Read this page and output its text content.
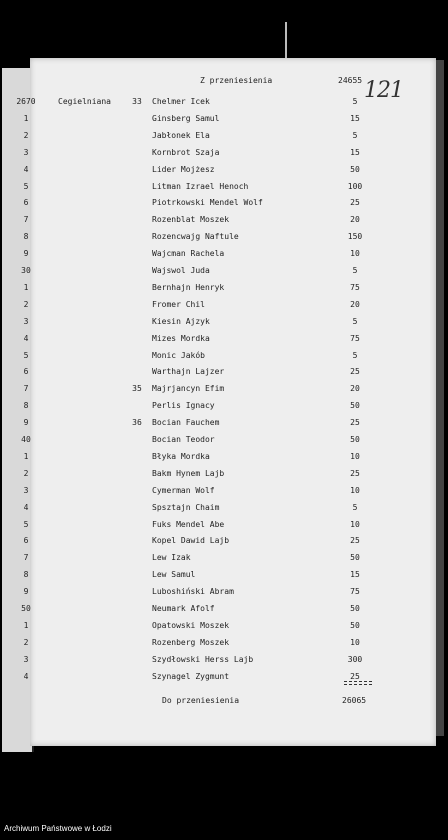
Z przeniesienia	24655 121
2670	Cegielniana	33	Chelmer Icek	5
1	Ginsberg Samul	15
2	Jabłonek Ela	5
3	Kornbrot Szaja	15
4	Lider Mojżesz	50
5	Litman Izrael Henoch	100
6	Piotrkowski Mendel Wolf	25
7	Rozenblat Moszek	20
8	Rozencwajg Naftule	150
9	Wajcman Rachela	10
30	Wajswol Juda	5
1	Bernhajn Henryk	75
2	Fromer Chil	20
3	Kiesin Ajzyk	5
4	Mizes Mordka	75
5	Monic Jakób	5
6	Warthajn Lajzer	25
7	35	Majrjancyn Efim	20
8	Perlis Ignacy	50
9	36	Bocian Fauchem	25
40	Bocian Teodor	50
1	Błyka Mordka	10
2	Bakm Hynem Lajb	25
3	Cymerman Wolf	10
4	Spsztajn Chaim	5
5	Fuks Mendel Abe	10
6	Kopel Dawid Lajb	25
7	Lew Izak	50
8	Lew Samul	15
9	Luboshiński Abram	75
50	Neumark Afolf	50
1	Opatowski Moszek	50
2	Rozenberg Moszek	10
3	Szydłowski Herss Lajb	300
4	Szynagel Zygmunt	25
Do przeniesienia	26065
Archiwum Państwowe w Łodzi
